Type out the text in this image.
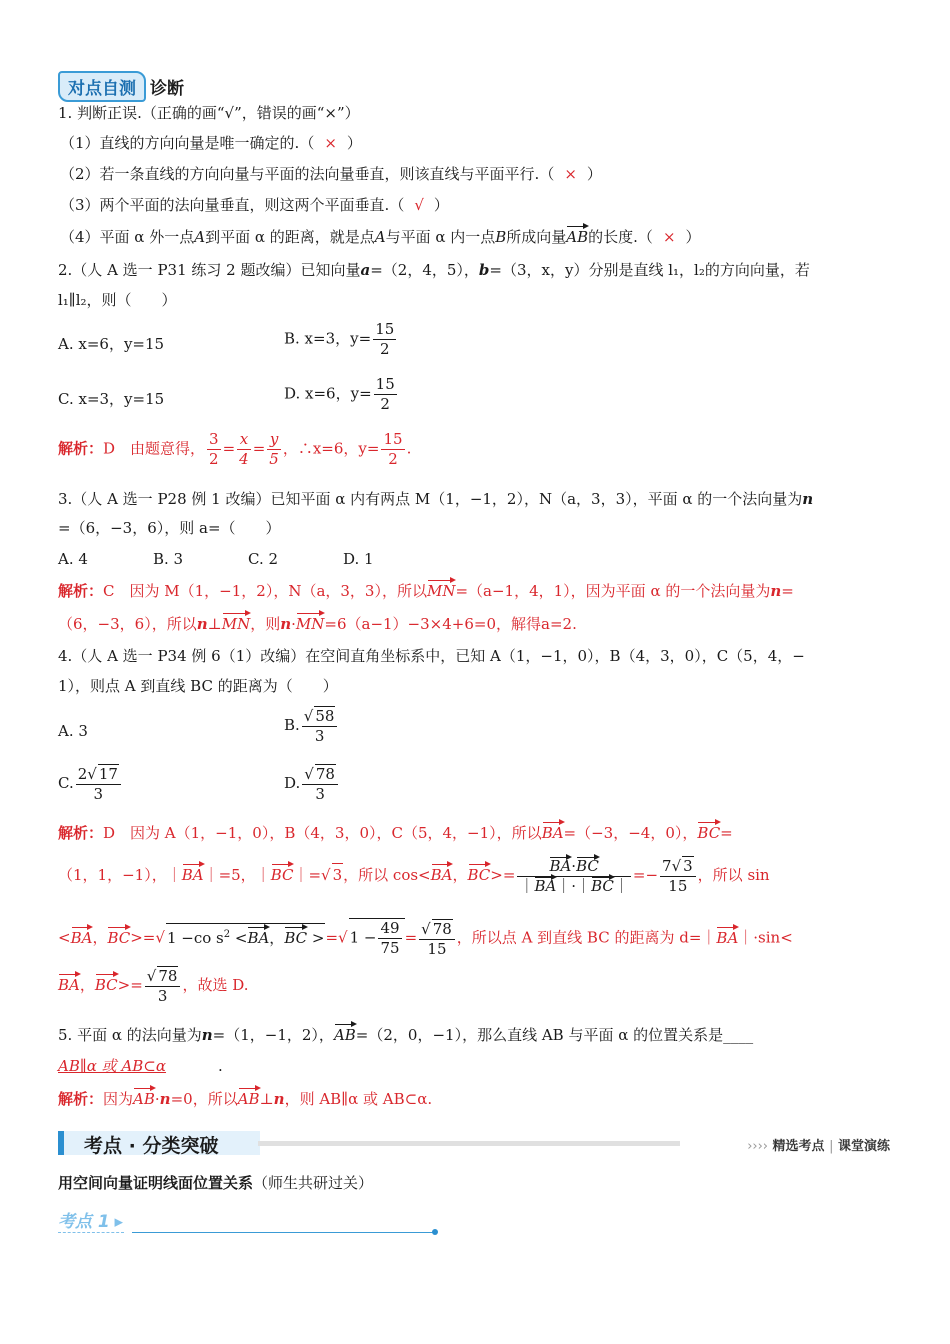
对点自测 诊断
1. 判断正误.（正确的画“√”，错误的画“×”）
（1）直线的方向向量是唯一确定的.（ × ）
（2）若一条直线的方向向量与平面的法向量垂直，则该直线与平面平行.（ × ）
（3）两个平面的法向量垂直，则这两个平面垂直.（ √ ）
（4）平面 α 外一点A到平面 α 的距离，就是点A与平面 α 内一点B所成向量AB的长度.（ × ）
2.（人 A 选一 P31 练习 2 题改编）已知向量a=（2，4，5），b=（3，x，y）分别是直线 l₁，l₂的方向向量，若
l₁∥l₂，则（　　）
A. x=6，y=15	B. x=3，$y= \frac{15}{2}$
C. x=3，y=15	D. x=6，$y= \frac{15}{2}$
解析：D　由题意得， $\frac{3}{2} = \frac{x}{4} = \frac{y}{5}$ ，∴x=6，$y= \frac{15}{2}$ .
3.（人 A 选一 P28 例 1 改编）已知平面 α 内有两点 M（1，−1，2），N（a，3，3），平面 α 的一个法向量为n
=（6，−3，6），则 a=（　　）
A. 4	B. 3	C. 2	D. 1
解析：C　因为 M（1，−1，2），N（a，3，3），所以MN=（a−1，4，1），因为平面 α 的一个法向量为n=
（6，−3，6），所以n⊥MN，则n·MN=6（a−1）−3×4+6=0，解得a=2.
4.（人 A 选一 P34 例 6（1）改编）在空间直角坐标系中，已知 A（1，−1，0），B（4，3，0），C（5，4，−
1），则点 A 到直线 BC 的距离为（　　）
A. 3	B. $\frac{√ 58}{3}$
C. $\frac{2√ 17}{3}$	D. $\frac{√ 78}{3}$
解析：D　因为 A（1，−1，0），B（4，3，0），C（5，4，−1），所以BA=（−3，−4，0），BC=
（1，1，−1），｜BA｜=5，｜BC｜=√ 3，所以 cos<BA，$BC>= \frac{BA\cdot BC}{|BA|\cdot|BC|} =- \frac{7√ 3}{15}$ ，所以 sin
<BA，BC>=√ 1 −co $s^2 <BA$，BC >=√ $1 - \frac{49}{75} = \frac{√ 78}{15}$ ，所以点 A 到直线 BC 的距离为 d=｜BA｜·sin<
BA，$BC>= \frac{√ 78}{3}$ ，故选 D.
5. 平面 α 的法向量为n=（1，−1，2），AB=（2，0，−1），那么直线 AB 与平面 α 的位置关系是____
AB∥α 或 AB⊂α	.
解析：因为AB·n=0，所以AB⊥n，则 AB∥α 或 AB⊂α.
考点 · 分类突破	›››› 精选考点 | 课堂演练
用空间向量证明线面位置关系（师生共研过关）
考点 1 ▸
